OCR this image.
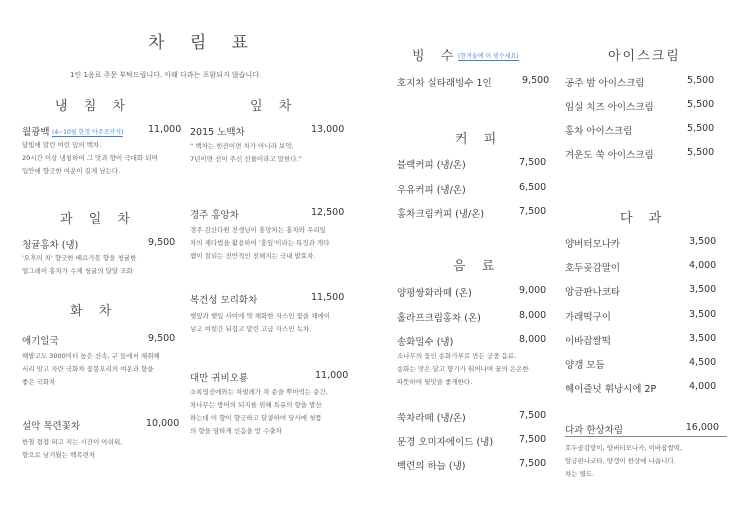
차 림 표
1인 1음료 주문 부탁드립니다. 아래 다과는 포함되지 않습니다.
냉 침 차
월광백 (4~10월 한정 아주조약석)	11,000
달빛에 말린 여린 잎의 백차.
20시간 이상 냉침하여 그 맛과 향이 극대화 되며
입안에 향긋한 여운이 길게 남는다.
과 일 차
청귤홍차 (냉)	9,500
'오후의 차' 향긋한 베르가못 향을 청귤한
얼그레이 홍차가 수제 청귤의 달달 조화
화 차
애기일국	9,500
해발고도 3000미터 높은 산속, 구 들에서 채취해
서리 맞고 자란 국화차 꽃봉오리의 여운과 향을
좋은 국화차
설악 목련꽃차	10,000
한철 겹겹 피고 지는 시간이 아쉬워,
향으로 남겨뒀는 백목련차
잎 차
2015 노백차	13,000
“ 백차는 한잔이면 차가 아니라 보약,
7년이면 선이 주신 선물이라고 말한다.”
경주 홍앙차	12,500
경주 감산다원 전생님이 홍앙차는 홍차와 우리잎
차의 제다법을 활용하여 '홍잎'이라는 특징과 개다
햄이 잘되는 전반적인 전해지는 국내 발효차.
복건성 모리화차	11,500
햇잎과 햇잎 사이에 약 채화한 자스민 꽃을 채에이
넣고 여럿간 뒤집고 말린 고급 자스민 녹차.
대만 귀비오룡	11,000
소록엽선에와는 차벌레가 차 순을 뿌마먹는 순간,
차나무는 방어의 되지를 위해 특유의 향을 발산
하는데 이 향이 향긋하고 달콤하여 당사에 첫품
의 향을 담하게 인음을 얻 수출차
빙 수
(한겨울에 이 빙수세요)
호지차 실타래빙수 1인	9,500
커 피
블랙커피 (냉/온)	7,500
우유커피 (냉/온)	6,500
홍차크림커피 (냉/온)	7,500
음 료
양평쌍화라떼 (온)	9,000
홀라프크림홍차 (온)	8,000
송화밀수 (냉)	8,000
소나무의 꽃인 송화가루로 만든 궁중 음료.
송화는 맛은 달고 향기가 뛰어나며 꿀의 은은한
따뜻하여 뒷맛을 좋게한다.
쑥차라떼 (냉/온)	7,500
문경 오미자에이드 (냉)	7,500
백련의 하늘 (냉)	7,500
아이스크림
공주 밤 아이스크림	5,500
임실 치즈 아이스크림	5,500
홍차 아이스크림	5,500
겨운도 쑥 아이스크림	5,500
다 과
양버터모나카	3,500
호두곶감말이	4,000
앙금판나코타	3,500
가래떡구이	3,500
이바잡쌀떡	3,500
양갱 모듬	4,500
헤이즐넛 휘낭시에 2P	4,000
다과 한상차림	16,000
호두곶감말이, 양버터모나카, 이바잡쌀떡,
앙금판나코타, 양갱이 한상에 나옵니다.
차는 별도.
